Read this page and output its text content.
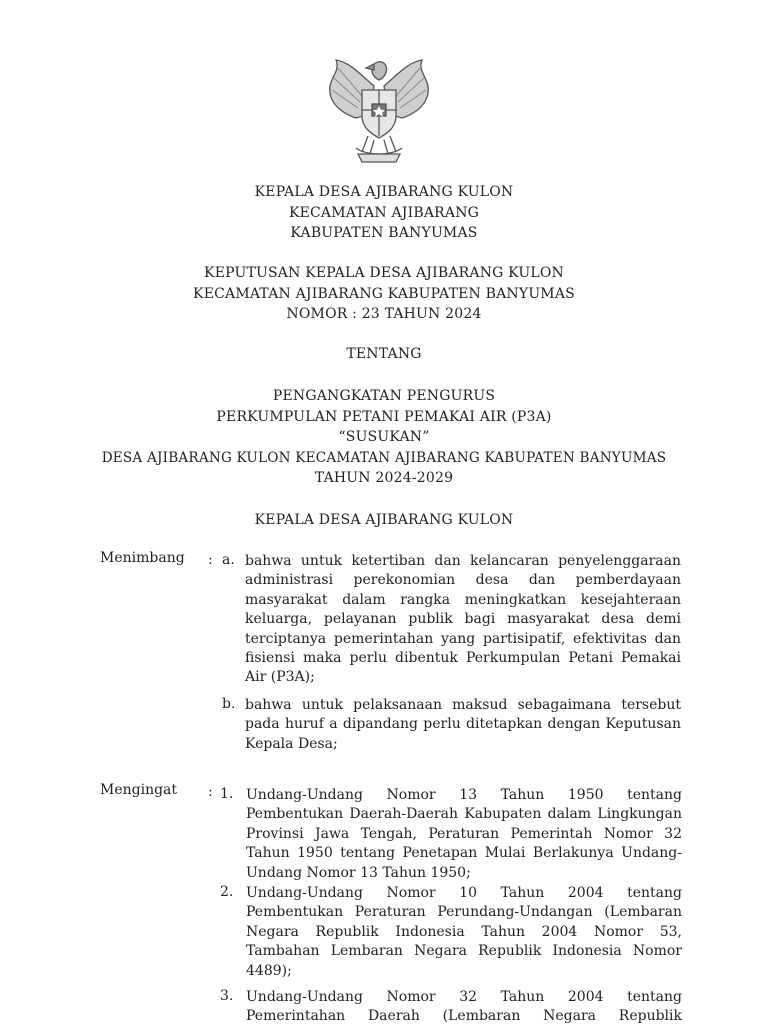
KEPALA DESA AJIBARANG KULON
KECAMATAN AJIBARANG
KABUPATEN BANYUMAS
KEPUTUSAN KEPALA DESA AJIBARANG KULON
KECAMATAN AJIBARANG KABUPATEN BANYUMAS
NOMOR : 23 TAHUN 2024
TENTANG
PENGANGKATAN PENGURUS
PERKUMPULAN PETANI PEMAKAI AIR (P3A)
“SUSUKAN”
DESA AJIBARANG KULON KECAMATAN AJIBARANG KABUPATEN BANYUMAS
TAHUN 2024-2029
KEPALA DESA AJIBARANG KULON
Menimbang : a. bahwa untuk ketertiban dan kelancaran penyelenggaraan administrasi perekonomian desa dan pemberdayaan masyarakat dalam rangka meningkatkan kesejahteraan keluarga, pelayanan publik bagi masyarakat desa demi terciptanya pemerintahan yang partisipatif, efektivitas dan fisiensi maka perlu dibentuk Perkumpulan Petani Pemakai Air (P3A);

b. bahwa untuk pelaksanaan maksud sebagaimana tersebut pada huruf a dipandang perlu ditetapkan dengan Keputusan Kepala Desa;

Mengingat : 1. Undang-Undang Nomor 13 Tahun 1950 tentang Pembentukan Daerah-Daerah Kabupaten dalam Lingkungan Provinsi Jawa Tengah, Peraturan Pemerintah Nomor 32 Tahun 1950 tentang Penetapan Mulai Berlakunya Undang-Undang Nomor 13 Tahun 1950;

2. Undang-Undang Nomor 10 Tahun 2004 tentang Pembentukan Peraturan Perundang-Undangan (Lembaran Negara Republik Indonesia Tahun 2004 Nomor 53, Tambahan Lembaran Negara Republik Indonesia Nomor 4489);

3. Undang-Undang Nomor 32 Tahun 2004 tentang Pemerintahan Daerah (Lembaran Negara Republik
